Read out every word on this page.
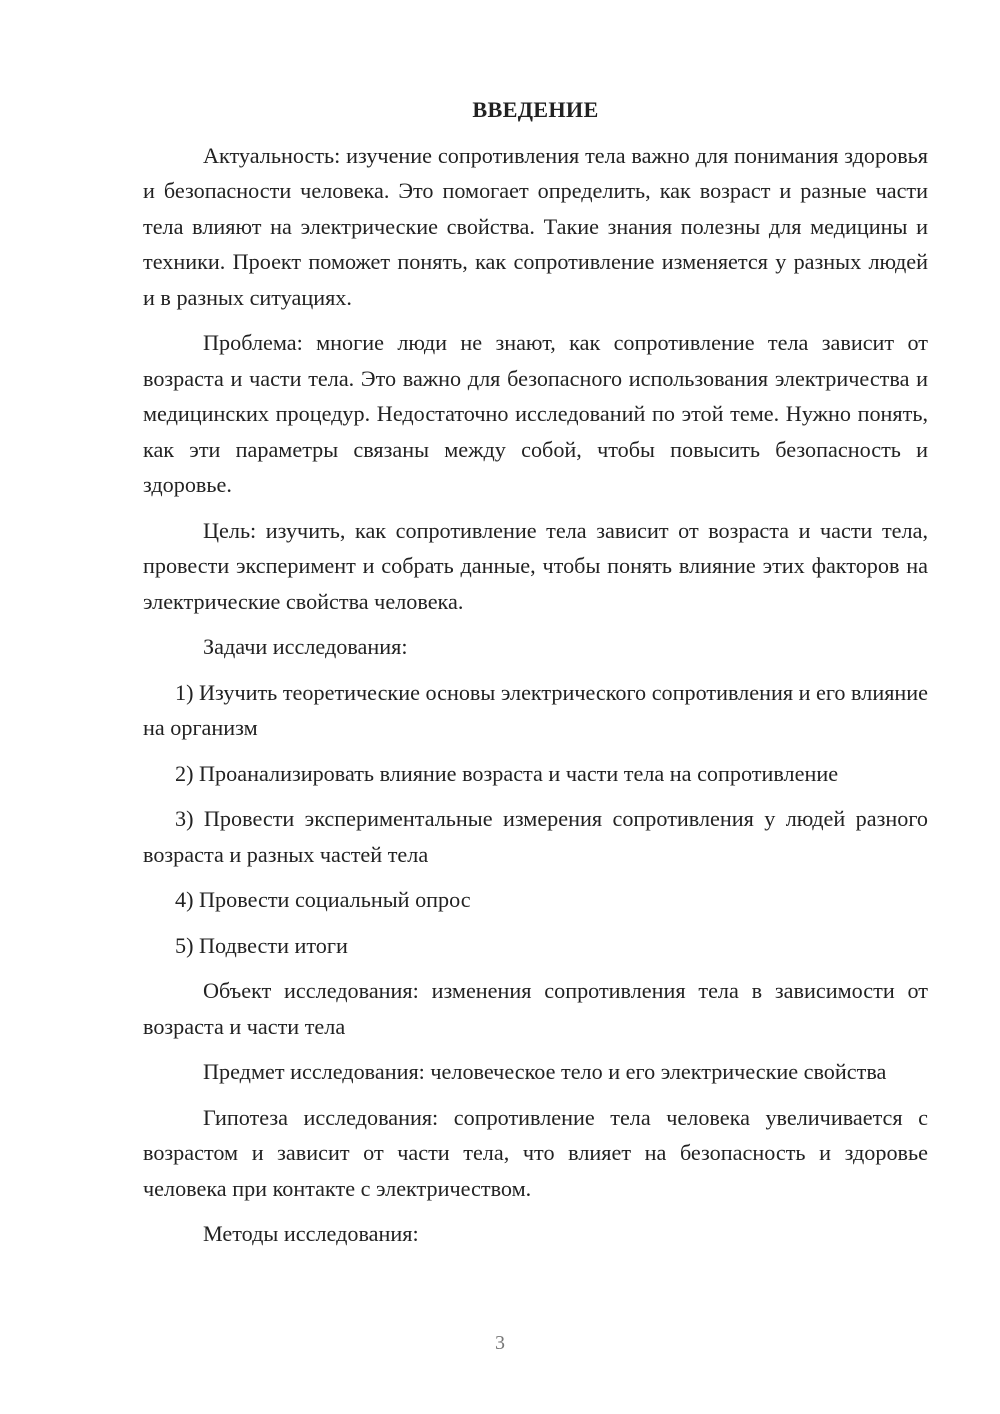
ВВЕДЕНИЕ

Актуальность: изучение сопротивления тела важно для понимания здоровья и безопасности человека. Это помогает определить, как возраст и разные части тела влияют на электрические свойства. Такие знания полезны для медицины и техники. Проект поможет понять, как сопротивление изменяется у разных людей и в разных ситуациях.

Проблема: многие люди не знают, как сопротивление тела зависит от возраста и части тела. Это важно для безопасного использования электричества и медицинских процедур. Недостаточно исследований по этой теме. Нужно понять, как эти параметры связаны между собой, чтобы повысить безопасность и здоровье.

Цель: изучить, как сопротивление тела зависит от возраста и части тела, провести эксперимент и собрать данные, чтобы понять влияние этих факторов на электрические свойства человека.

Задачи исследования:

1) Изучить теоретические основы электрического сопротивления и его влияние на организм

2) Проанализировать влияние возраста и части тела на сопротивление

3) Провести экспериментальные измерения сопротивления у людей разного возраста и разных частей тела

4) Провести социальный опрос

5) Подвести итоги

Объект исследования: изменения сопротивления тела в зависимости от возраста и части тела

Предмет исследования: человеческое тело и его электрические свойства

Гипотеза исследования: сопротивление тела человека увеличивается с возрастом и зависит от части тела, что влияет на безопасность и здоровье человека при контакте с электричеством.

Методы исследования:

3
